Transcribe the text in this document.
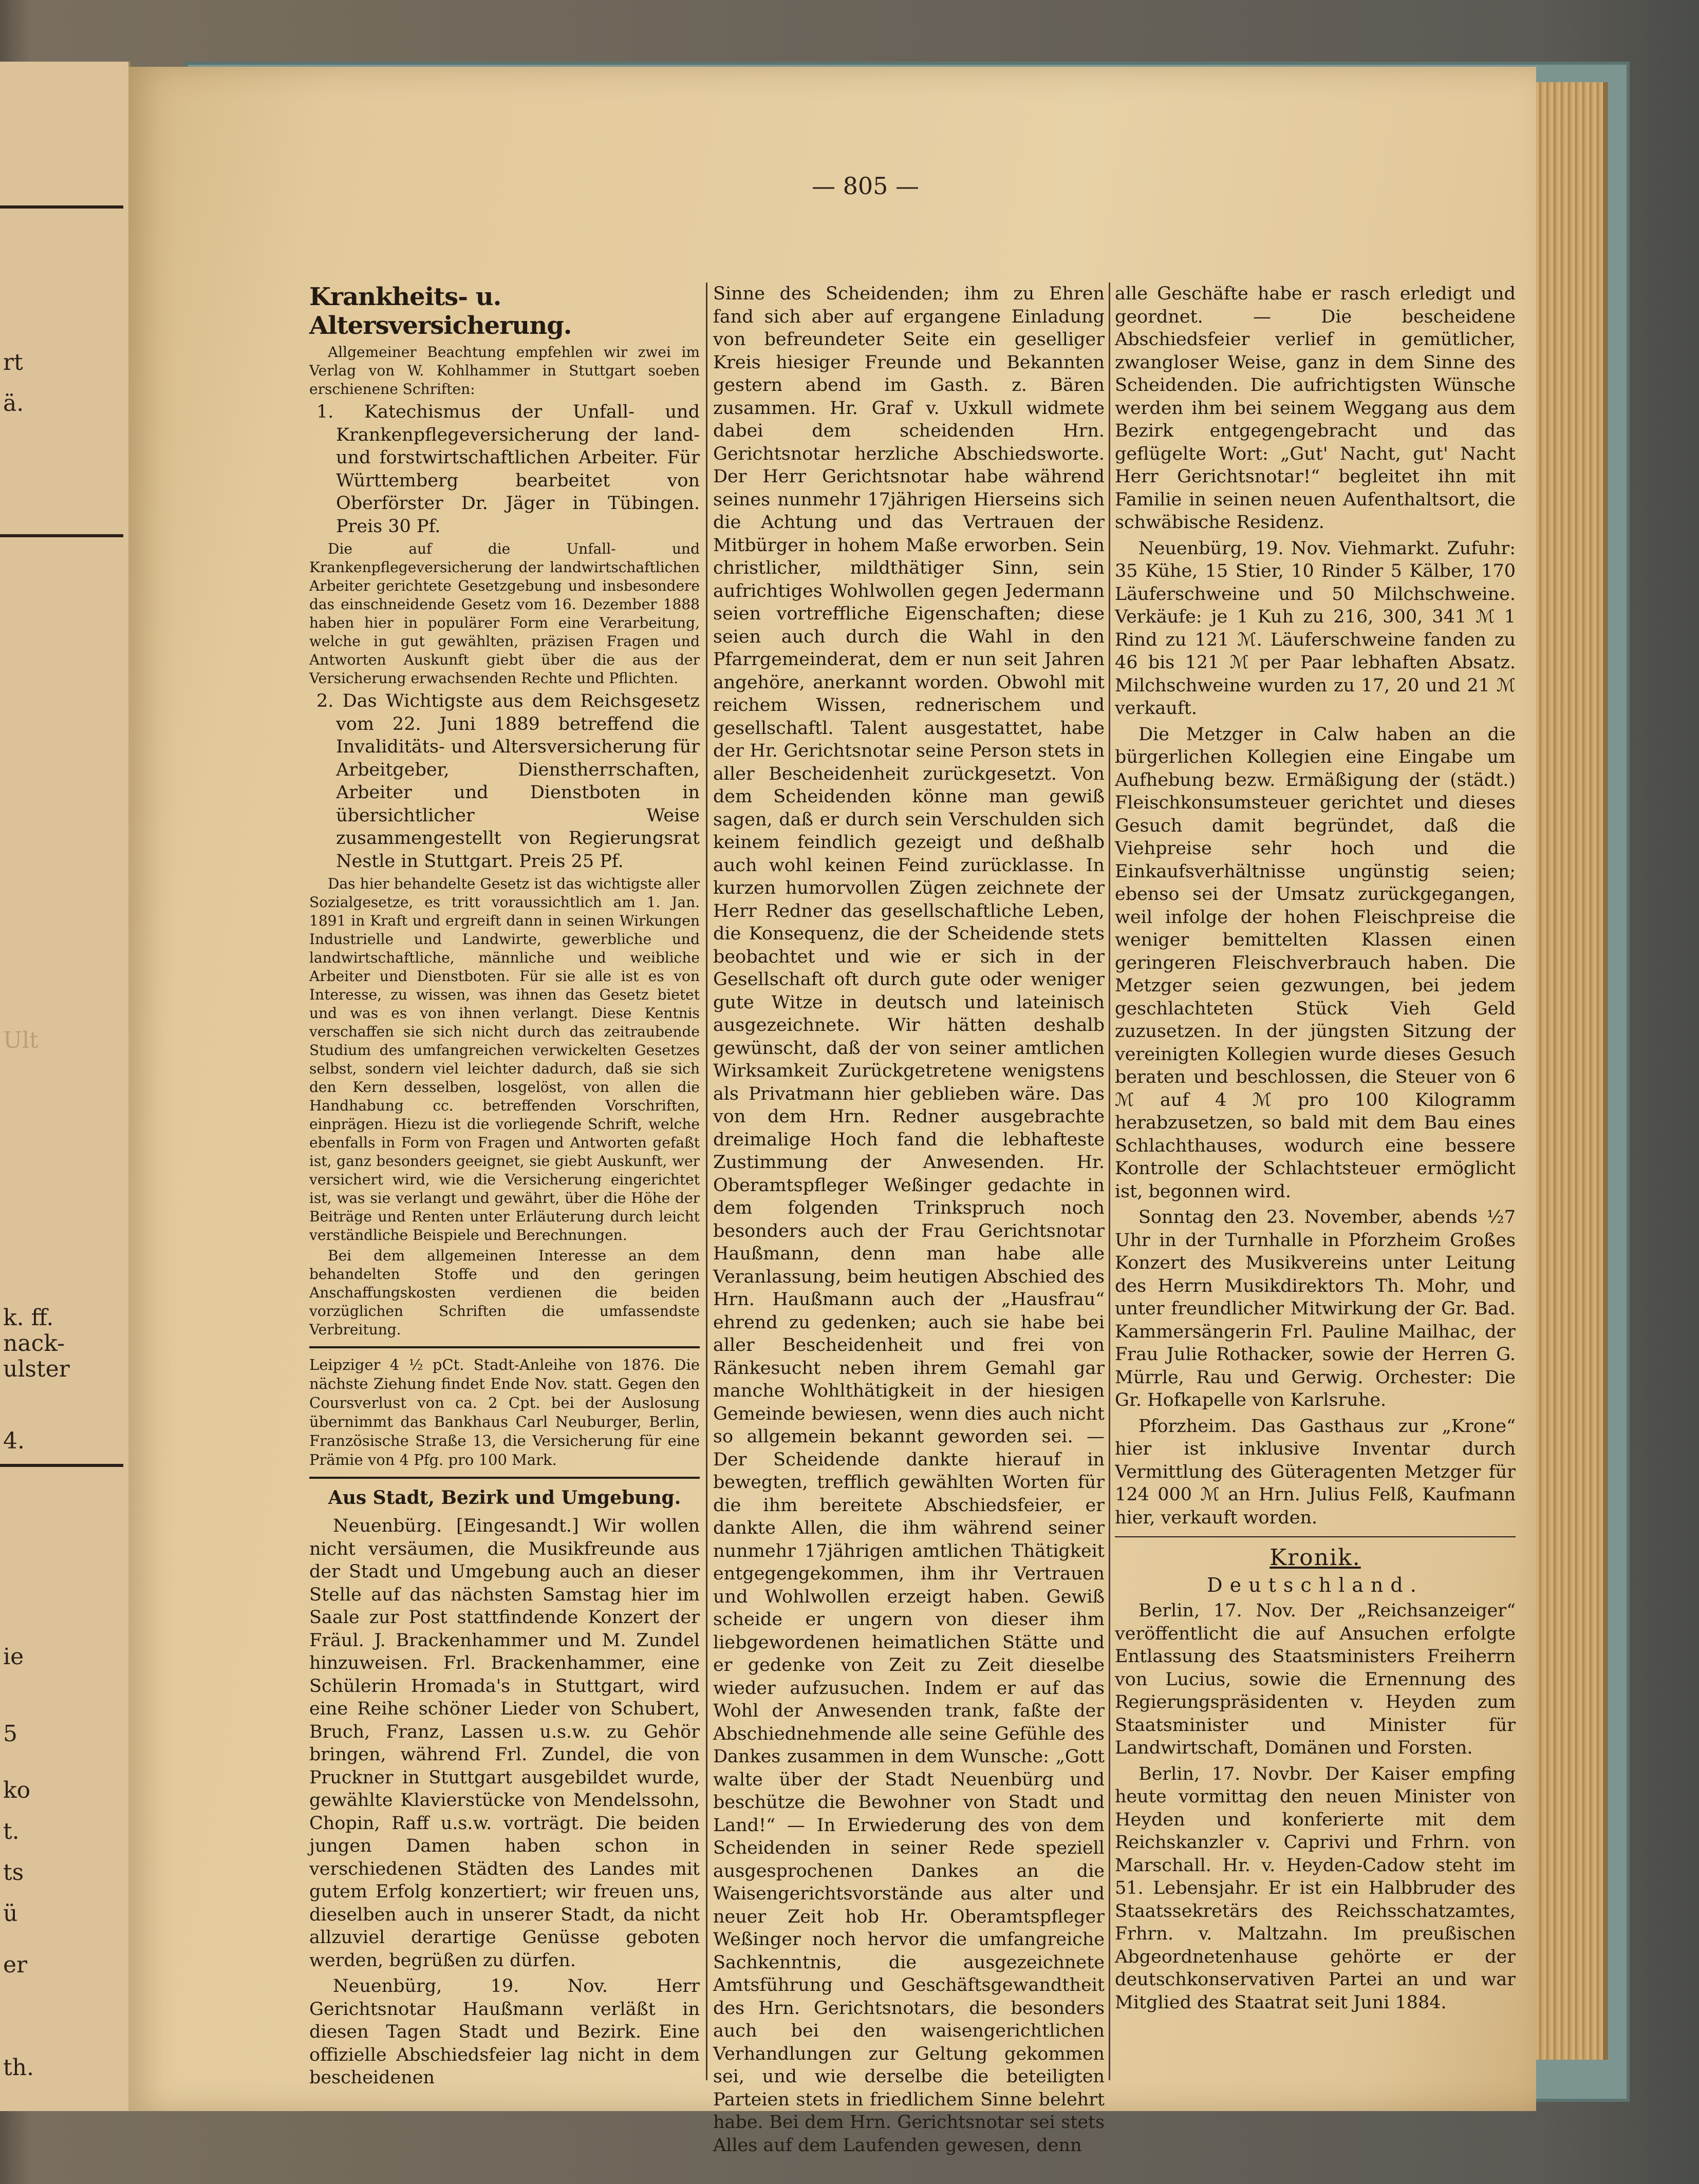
rt
ä.
Ult
k. ff.
nack-
ulster
4.
ie
5
ko
t.
ts
ü
er
th.
— 805 —
Krankheits- u. Altersversicherung.

Allgemeiner Beachtung empfehlen wir zwei im Verlag von W. Kohlhammer in Stuttgart soeben erschienene Schriften:

1. Katechismus der Unfall- und Krankenpflegeversicherung der land- und forstwirtschaftlichen Arbeiter. Für Württemberg bearbeitet von Oberförster Dr. Jäger in Tübingen. Preis 30 Pf.

Die auf die Unfall- und Krankenpflegeversicherung der landwirtschaftlichen Arbeiter gerichtete Gesetzgebung und insbesondere das einschneidende Gesetz vom 16. Dezember 1888 haben hier in populärer Form eine Verarbeitung, welche in gut gewählten, präzisen Fragen und Antworten Auskunft giebt über die aus der Versicherung erwachsenden Rechte und Pflichten.

2. Das Wichtigste aus dem Reichsgesetz vom 22. Juni 1889 betreffend die Invaliditäts- und Altersversicherung für Arbeitgeber, Dienstherrschaften, Arbeiter und Dienstboten in übersichtlicher Weise zusammengestellt von Regierungsrat Nestle in Stuttgart. Preis 25 Pf.

Das hier behandelte Gesetz ist das wichtigste aller Sozialgesetze, es tritt voraussichtlich am 1. Jan. 1891 in Kraft und ergreift dann in seinen Wirkungen Industrielle und Landwirte, gewerbliche und landwirtschaftliche, männliche und weibliche Arbeiter und Dienstboten. Für sie alle ist es von Interesse, zu wissen, was ihnen das Gesetz bietet und was es von ihnen verlangt. Diese Kentnis verschaffen sie sich nicht durch das zeitraubende Studium des umfangreichen verwickelten Gesetzes selbst, sondern viel leichter dadurch, daß sie sich den Kern desselben, losgelöst, von allen die Handhabung cc. betreffenden Vorschriften, einprägen. Hiezu ist die vorliegende Schrift, welche ebenfalls in Form von Fragen und Antworten gefaßt ist, ganz besonders geeignet, sie giebt Auskunft, wer versichert wird, wie die Versicherung eingerichtet ist, was sie verlangt und gewährt, über die Höhe der Beiträge und Renten unter Erläuterung durch leicht verständliche Beispiele und Berechnungen.

Bei dem allgemeinen Interesse an dem behandelten Stoffe und den geringen Anschaffungskosten verdienen die beiden vorzüglichen Schriften die umfassendste Verbreitung.

Leipziger 4 ½ pCt. Stadt-Anleihe von 1876. Die nächste Ziehung findet Ende Nov. statt. Gegen den Coursverlust von ca. 2 Cpt. bei der Auslosung übernimmt das Bankhaus Carl Neuburger, Berlin, Französische Straße 13, die Versicherung für eine Prämie von 4 Pfg. pro 100 Mark.

Aus Stadt, Bezirk und Umgebung.

Neuenbürg. [Eingesandt.] Wir wollen nicht versäumen, die Musikfreunde aus der Stadt und Umgebung auch an dieser Stelle auf das nächsten Samstag hier im Saale zur Post stattfindende Konzert der Fräul. J. Brackenhammer und M. Zundel hinzuweisen. Frl. Brackenhammer, eine Schülerin Hromada's in Stuttgart, wird eine Reihe schöner Lieder von Schubert, Bruch, Franz, Lassen u.s.w. zu Gehör bringen, während Frl. Zundel, die von Pruckner in Stuttgart ausgebildet wurde, gewählte Klavierstücke von Mendelssohn, Chopin, Raff u.s.w. vorträgt. Die beiden jungen Damen haben schon in verschiedenen Städten des Landes mit gutem Erfolg konzertiert; wir freuen uns, dieselben auch in unserer Stadt, da nicht allzuviel derartige Genüsse geboten werden, begrüßen zu dürfen.

Neuenbürg, 19. Nov. Herr Gerichtsnotar Haußmann verläßt in diesen Tagen Stadt und Bezirk. Eine offizielle Abschiedsfeier lag nicht in dem bescheidenen

Sinne des Scheidenden; ihm zu Ehren fand sich aber auf ergangene Einladung von befreundeter Seite ein geselliger Kreis hiesiger Freunde und Bekannten gestern abend im Gasth. z. Bären zusammen. Hr. Graf v. Uxkull widmete dabei dem scheidenden Hrn. Gerichtsnotar herzliche Abschiedsworte. Der Herr Gerichtsnotar habe während seines nunmehr 17jährigen Hierseins sich die Achtung und das Vertrauen der Mitbürger in hohem Maße erworben. Sein christlicher, mildthätiger Sinn, sein aufrichtiges Wohlwollen gegen Jedermann seien vortreffliche Eigenschaften; diese seien auch durch die Wahl in den Pfarrgemeinderat, dem er nun seit Jahren angehöre, anerkannt worden. Obwohl mit reichem Wissen, rednerischem und gesellschaftl. Talent ausgestattet, habe der Hr. Gerichtsnotar seine Person stets in aller Bescheidenheit zurückgesetzt. Von dem Scheidenden könne man gewiß sagen, daß er durch sein Verschulden sich keinem feindlich gezeigt und deßhalb auch wohl keinen Feind zurücklasse. In kurzen humorvollen Zügen zeichnete der Herr Redner das gesellschaftliche Leben, die Konsequenz, die der Scheidende stets beobachtet und wie er sich in der Gesellschaft oft durch gute oder weniger gute Witze in deutsch und lateinisch ausgezeichnete. Wir hätten deshalb gewünscht, daß der von seiner amtlichen Wirksamkeit Zurückgetretene wenigstens als Privatmann hier geblieben wäre. Das von dem Hrn. Redner ausgebrachte dreimalige Hoch fand die lebhafteste Zustimmung der Anwesenden. Hr. Oberamtspfleger Weßinger gedachte in dem folgenden Trinkspruch noch besonders auch der Frau Gerichtsnotar Haußmann, denn man habe alle Veranlassung, beim heutigen Abschied des Hrn. Haußmann auch der „Hausfrau“ ehrend zu gedenken; auch sie habe bei aller Bescheidenheit und frei von Ränkesucht neben ihrem Gemahl gar manche Wohlthätigkeit in der hiesigen Gemeinde bewiesen, wenn dies auch nicht so allgemein bekannt geworden sei. — Der Scheidende dankte hierauf in bewegten, trefflich gewählten Worten für die ihm bereitete Abschiedsfeier, er dankte Allen, die ihm während seiner nunmehr 17jährigen amtlichen Thätigkeit entgegengekommen, ihm ihr Vertrauen und Wohlwollen erzeigt haben. Gewiß scheide er ungern von dieser ihm liebgewordenen heimatlichen Stätte und er gedenke von Zeit zu Zeit dieselbe wieder aufzusuchen. Indem er auf das Wohl der Anwesenden trank, faßte der Abschiednehmende alle seine Gefühle des Dankes zusammen in dem Wunsche: „Gott walte über der Stadt Neuenbürg und beschütze die Bewohner von Stadt und Land!“ — In Erwiederung des von dem Scheidenden in seiner Rede speziell ausgesprochenen Dankes an die Waisengerichtsvorstände aus alter und neuer Zeit hob Hr. Oberamtspfleger Weßinger noch hervor die umfangreiche Sachkenntnis, die ausgezeichnete Amtsführung und Geschäftsgewandtheit des Hrn. Gerichtsnotars, die besonders auch bei den waisengerichtlichen Verhandlungen zur Geltung gekommen sei, und wie derselbe die beteiligten Parteien stets in friedlichem Sinne belehrt habe. Bei dem Hrn. Gerichtsnotar sei stets Alles auf dem Laufenden gewesen, denn

alle Geschäfte habe er rasch erledigt und geordnet. — Die bescheidene Abschiedsfeier verlief in gemütlicher, zwangloser Weise, ganz in dem Sinne des Scheidenden. Die aufrichtigsten Wünsche werden ihm bei seinem Weggang aus dem Bezirk entgegengebracht und das geflügelte Wort: „Gut' Nacht, gut' Nacht Herr Gerichtsnotar!“ begleitet ihn mit Familie in seinen neuen Aufenthaltsort, die schwäbische Residenz.

Neuenbürg, 19. Nov. Viehmarkt. Zufuhr: 35 Kühe, 15 Stier, 10 Rinder 5 Kälber, 170 Läuferschweine und 50 Milchschweine. Verkäufe: je 1 Kuh zu 216, 300, 341 ℳ 1 Rind zu 121 ℳ. Läuferschweine fanden zu 46 bis 121 ℳ per Paar lebhaften Absatz. Milchschweine wurden zu 17, 20 und 21 ℳ verkauft.

Die Metzger in Calw haben an die bürgerlichen Kollegien eine Eingabe um Aufhebung bezw. Ermäßigung der (städt.) Fleischkonsumsteuer gerichtet und dieses Gesuch damit begründet, daß die Viehpreise sehr hoch und die Einkaufsverhältnisse ungünstig seien; ebenso sei der Umsatz zurückgegangen, weil infolge der hohen Fleischpreise die weniger bemittelten Klassen einen geringeren Fleischverbrauch haben. Die Metzger seien gezwungen, bei jedem geschlachteten Stück Vieh Geld zuzusetzen. In der jüngsten Sitzung der vereinigten Kollegien wurde dieses Gesuch beraten und beschlossen, die Steuer von 6 ℳ auf 4 ℳ pro 100 Kilogramm herabzusetzen, so bald mit dem Bau eines Schlachthauses, wodurch eine bessere Kontrolle der Schlachtsteuer ermöglicht ist, begonnen wird.

Sonntag den 23. November, abends ½7 Uhr in der Turnhalle in Pforzheim Großes Konzert des Musikvereins unter Leitung des Herrn Musikdirektors Th. Mohr, und unter freundlicher Mitwirkung der Gr. Bad. Kammersängerin Frl. Pauline Mailhac, der Frau Julie Rothacker, sowie der Herren G. Mürrle, Rau und Gerwig. Orchester: Die Gr. Hofkapelle von Karlsruhe.

Pforzheim. Das Gasthaus zur „Krone“ hier ist inklusive Inventar durch Vermittlung des Güteragenten Metzger für 124 000 ℳ an Hrn. Julius Felß, Kaufmann hier, verkauft worden.

Kronik.
Deutschland.

Berlin, 17. Nov. Der „Reichsanzeiger“ veröffentlicht die auf Ansuchen erfolgte Entlassung des Staatsministers Freiherrn von Lucius, sowie die Ernennung des Regierungspräsidenten v. Heyden zum Staatsminister und Minister für Landwirtschaft, Domänen und Forsten.

Berlin, 17. Novbr. Der Kaiser empfing heute vormittag den neuen Minister von Heyden und konferierte mit dem Reichskanzler v. Caprivi und Frhrn. von Marschall. Hr. v. Heyden-Cadow steht im 51. Lebensjahr. Er ist ein Halbbruder des Staatssekretärs des Reichsschatzamtes, Frhrn. v. Maltzahn. Im preußischen Abgeordnetenhause gehörte er der deutschkonservativen Partei an und war Mitglied des Staatrat seit Juni 1884.
